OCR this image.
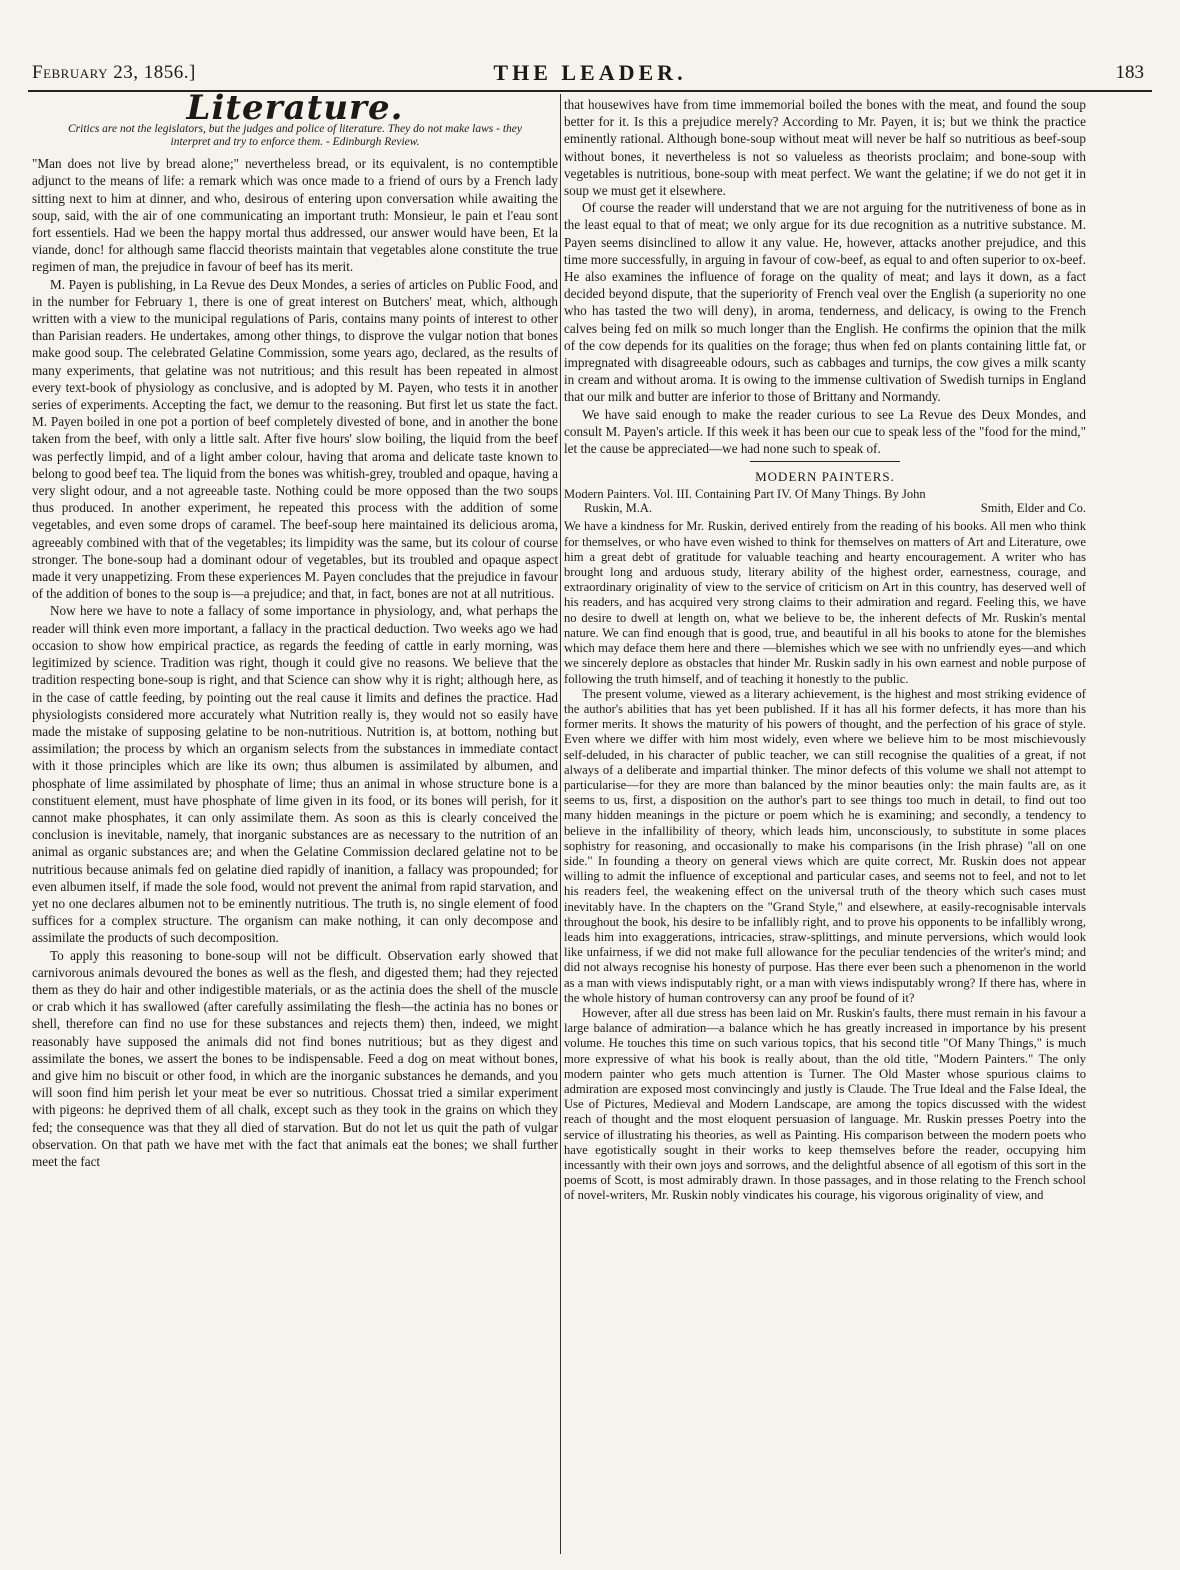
February 23, 1856.]	THE LEADER.	183
Literature.
Critics are not the legislators, but the judges and police of literature. They do not make laws - they interpret and try to enforce them. - Edinburgh Review.

"Man does not live by bread alone;" nevertheless bread, or its equivalent, is no contemptible adjunct to the means of life: a remark which was once made to a friend of ours by a French lady sitting next to him at dinner, and who, desirous of entering upon conversation while awaiting the soup, said, with the air of one communicating an important truth: Monsieur, le pain et l'eau sont fort essentiels. Had we been the happy mortal thus addressed, our answer would have been, Et la viande, donc! for although same flaccid theorists maintain that vegetables alone constitute the true regimen of man, the prejudice in favour of beef has its merit.

M. Payen is publishing, in La Revue des Deux Mondes, a series of articles on Public Food, and in the number for February 1, there is one of great interest on Butchers' meat, which, although written with a view to the municipal regulations of Paris, contains many points of interest to other than Parisian readers. He undertakes, among other things, to disprove the vulgar notion that bones make good soup. The celebrated Gelatine Commission, some years ago, declared, as the results of many experiments, that gelatine was not nutritious; and this result has been repeated in almost every text-book of physiology as conclusive, and is adopted by M. Payen, who tests it in another series of experiments. Accepting the fact, we demur to the reasoning. But first let us state the fact. M. Payen boiled in one pot a portion of beef completely divested of bone, and in another the bone taken from the beef, with only a little salt. After five hours' slow boiling, the liquid from the beef was perfectly limpid, and of a light amber colour, having that aroma and delicate taste known to belong to good beef tea. The liquid from the bones was whitish-grey, troubled and opaque, having a very slight odour, and a not agreeable taste. Nothing could be more opposed than the two soups thus produced. In another experiment, he repeated this process with the addition of some vegetables, and even some drops of caramel. The beef-soup here maintained its delicious aroma, agreeably combined with that of the vegetables; its limpidity was the same, but its colour of course stronger. The bone-soup had a dominant odour of vegetables, but its troubled and opaque aspect made it very unappetizing. From these experiences M. Payen concludes that the prejudice in favour of the addition of bones to the soup is—a prejudice; and that, in fact, bones are not at all nutritious.

Now here we have to note a fallacy of some importance in physiology, and, what perhaps the reader will think even more important, a fallacy in the practical deduction. Two weeks ago we had occasion to show how empirical practice, as regards the feeding of cattle in early morning, was legitimized by science. Tradition was right, though it could give no reasons. We believe that the tradition respecting bone-soup is right, and that Science can show why it is right; although here, as in the case of cattle feeding, by pointing out the real cause it limits and defines the practice. Had physiologists considered more accurately what Nutrition really is, they would not so easily have made the mistake of supposing gelatine to be non-nutritious. Nutrition is, at bottom, nothing but assimilation; the process by which an organism selects from the substances in immediate contact with it those principles which are like its own; thus albumen is assimilated by albumen, and phosphate of lime assimilated by phosphate of lime; thus an animal in whose structure bone is a constituent element, must have phosphate of lime given in its food, or its bones will perish, for it cannot make phosphates, it can only assimilate them. As soon as this is clearly conceived the conclusion is inevitable, namely, that inorganic substances are as necessary to the nutrition of an animal as organic substances are; and when the Gelatine Commission declared gelatine not to be nutritious because animals fed on gelatine died rapidly of inanition, a fallacy was propounded; for even albumen itself, if made the sole food, would not prevent the animal from rapid starvation, and yet no one declares albumen not to be eminently nutritious. The truth is, no single element of food suffices for a complex structure. The organism can make nothing, it can only decompose and assimilate the products of such decomposition.

To apply this reasoning to bone-soup will not be difficult. Observation early showed that carnivorous animals devoured the bones as well as the flesh, and digested them; had they rejected them as they do hair and other indigestible materials, or as the actinia does the shell of the muscle or crab which it has swallowed (after carefully assimilating the flesh—the actinia has no bones or shell, therefore can find no use for these substances and rejects them) then, indeed, we might reasonably have supposed the animals did not find bones nutritious; but as they digest and assimilate the bones, we assert the bones to be indispensable. Feed a dog on meat without bones, and give him no biscuit or other food, in which are the inorganic substances he demands, and you will soon find him perish let your meat be ever so nutritious. Chossat tried a similar experiment with pigeons: he deprived them of all chalk, except such as they took in the grains on which they fed; the consequence was that they all died of starvation. But do not let us quit the path of vulgar observation. On that path we have met with the fact that animals eat the bones; we shall further meet the fact

that housewives have from time immemorial boiled the bones with the meat, and found the soup better for it. Is this a prejudice merely? According to Mr. Payen, it is; but we think the practice eminently rational. Although bone-soup without meat will never be half so nutritious as beef-soup without bones, it nevertheless is not so valueless as theorists proclaim; and bone-soup with vegetables is nutritious, bone-soup with meat perfect. We want the gelatine; if we do not get it in soup we must get it elsewhere.

Of course the reader will understand that we are not arguing for the nutritiveness of bone as in the least equal to that of meat; we only argue for its due recognition as a nutritive substance. M. Payen seems disinclined to allow it any value. He, however, attacks another prejudice, and this time more successfully, in arguing in favour of cow-beef, as equal to and often superior to ox-beef. He also examines the influence of forage on the quality of meat; and lays it down, as a fact decided beyond dispute, that the superiority of French veal over the English (a superiority no one who has tasted the two will deny), in aroma, tenderness, and delicacy, is owing to the French calves being fed on milk so much longer than the English. He confirms the opinion that the milk of the cow depends for its qualities on the forage; thus when fed on plants containing little fat, or impregnated with disagreeable odours, such as cabbages and turnips, the cow gives a milk scanty in cream and without aroma. It is owing to the immense cultivation of Swedish turnips in England that our milk and butter are inferior to those of Brittany and Normandy.

We have said enough to make the reader curious to see La Revue des Deux Mondes, and consult M. Payen's article. If this week it has been our cue to speak less of the "food for the mind," let the cause be appreciated—we had none such to speak of.

MODERN PAINTERS.
Modern Painters. Vol. III. Containing Part IV. Of Many Things. By John
Ruskin, M.A.	Smith, Elder and Co.

We have a kindness for Mr. Ruskin, derived entirely from the reading of his books. All men who think for themselves, or who have even wished to think for themselves on matters of Art and Literature, owe him a great debt of gratitude for valuable teaching and hearty encouragement. A writer who has brought long and arduous study, literary ability of the highest order, earnestness, courage, and extraordinary originality of view to the service of criticism on Art in this country, has deserved well of his readers, and has acquired very strong claims to their admiration and regard. Feeling this, we have no desire to dwell at length on, what we believe to be, the inherent defects of Mr. Ruskin's mental nature. We can find enough that is good, true, and beautiful in all his books to atone for the blemishes which may deface them here and there —blemishes which we see with no unfriendly eyes—and which we sincerely deplore as obstacles that hinder Mr. Ruskin sadly in his own earnest and noble purpose of following the truth himself, and of teaching it honestly to the public.

The present volume, viewed as a literary achievement, is the highest and most striking evidence of the author's abilities that has yet been published. If it has all his former defects, it has more than his former merits. It shows the maturity of his powers of thought, and the perfection of his grace of style. Even where we differ with him most widely, even where we believe him to be most mischievously self-deluded, in his character of public teacher, we can still recognise the qualities of a great, if not always of a deliberate and impartial thinker. The minor defects of this volume we shall not attempt to particularise—for they are more than balanced by the minor beauties only: the main faults are, as it seems to us, first, a disposition on the author's part to see things too much in detail, to find out too many hidden meanings in the picture or poem which he is examining; and secondly, a tendency to believe in the infallibility of theory, which leads him, unconsciously, to substitute in some places sophistry for reasoning, and occasionally to make his comparisons (in the Irish phrase) "all on one side." In founding a theory on general views which are quite correct, Mr. Ruskin does not appear willing to admit the influence of exceptional and particular cases, and seems not to feel, and not to let his readers feel, the weakening effect on the universal truth of the theory which such cases must inevitably have. In the chapters on the "Grand Style," and elsewhere, at easily-recognisable intervals throughout the book, his desire to be infallibly right, and to prove his opponents to be infallibly wrong, leads him into exaggerations, intricacies, straw-splittings, and minute perversions, which would look like unfairness, if we did not make full allowance for the peculiar tendencies of the writer's mind; and did not always recognise his honesty of purpose. Has there ever been such a phenomenon in the world as a man with views indisputably right, or a man with views indisputably wrong? If there has, where in the whole history of human controversy can any proof be found of it?

However, after all due stress has been laid on Mr. Ruskin's faults, there must remain in his favour a large balance of admiration—a balance which he has greatly increased in importance by his present volume. He touches this time on such various topics, that his second title "Of Many Things," is much more expressive of what his book is really about, than the old title, "Modern Painters." The only modern painter who gets much attention is Turner. The Old Master whose spurious claims to admiration are exposed most convincingly and justly is Claude. The True Ideal and the False Ideal, the Use of Pictures, Medieval and Modern Landscape, are among the topics discussed with the widest reach of thought and the most eloquent persuasion of language. Mr. Ruskin presses Poetry into the service of illustrating his theories, as well as Painting. His comparison between the modern poets who have egotistically sought in their works to keep themselves before the reader, occupying him incessantly with their own joys and sorrows, and the delightful absence of all egotism of this sort in the poems of Scott, is most admirably drawn. In those passages, and in those relating to the French school of novel-writers, Mr. Ruskin nobly vindicates his courage, his vigorous originality of view, and
